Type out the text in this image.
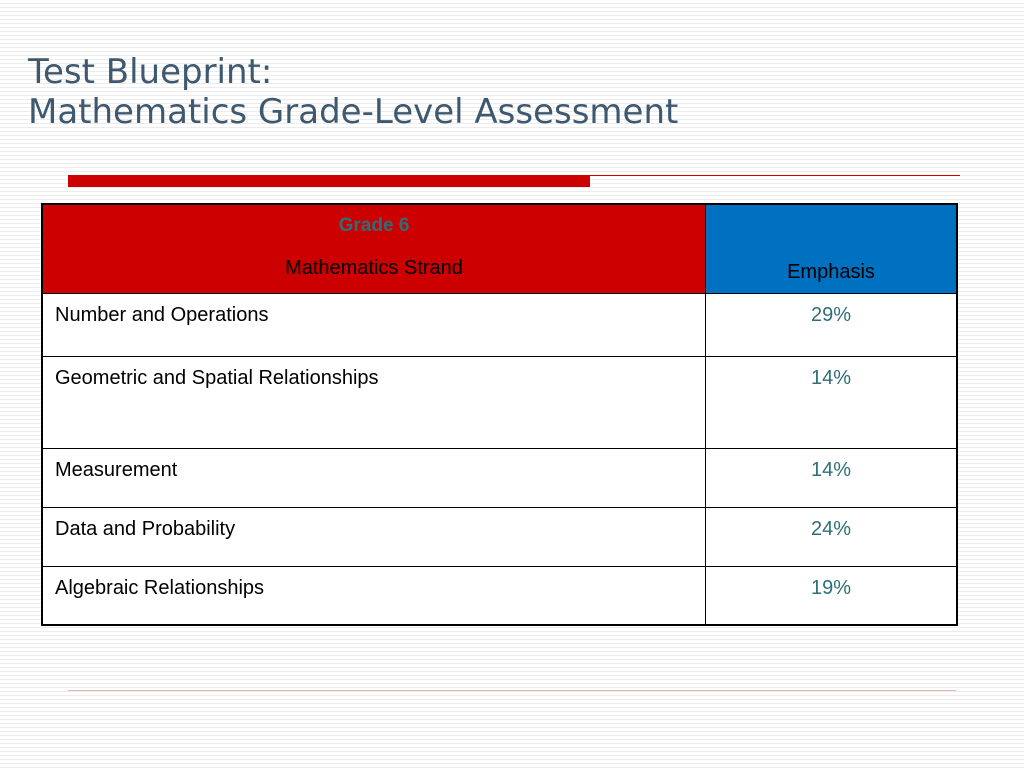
Test Blueprint:
Mathematics Grade-Level Assessment
Grade 6
Mathematics Strand	Emphasis

Number and Operations	29%
Geometric and Spatial Relationships	14%
Measurement	14%
Data and Probability	24%
Algebraic Relationships	19%
